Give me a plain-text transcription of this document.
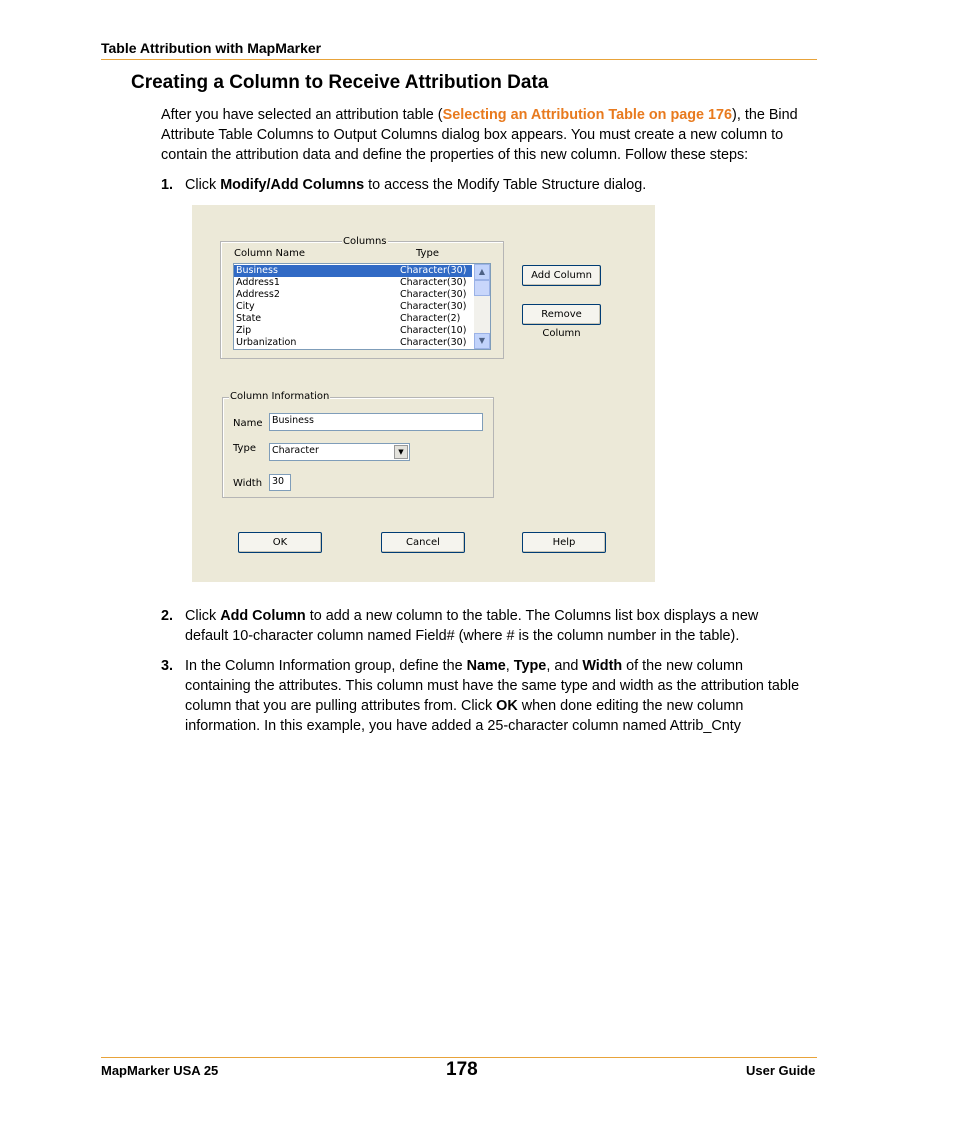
Table Attribution with MapMarker
Creating a Column to Receive Attribution Data
After you have selected an attribution table (Selecting an Attribution Table on page 176), the Bind
Attribute Table Columns to Output Columns dialog box appears. You must create a new column to
contain the attribution data and define the properties of this new column. Follow these steps:
1. Click Modify/Add Columns to access the Modify Table Structure dialog.
Columns
Column Name	Type
Business	Character(30)
Address1	Character(30)
Address2	Character(30)
City	Character(30)
State	Character(2)
Zip	Character(10)
Urbanization	Character(30)
▲
▼
Add Column
Remove Column
Column Information
Name Business
Type	Character	▼
Width	30
OK	Cancel	Help
2. Click Add Column to add a new column to the table. The Columns list box displays a new
default 10-character column named Field# (where # is the column number in the table).
3. In the Column Information group, define the Name, Type, and Width of the new column
containing the attributes. This column must have the same type and width as the attribution table
column that you are pulling attributes from. Click OK when done editing the new column
information. In this example, you have added a 25-character column named Attrib_Cnty
MapMarker USA 25	178	User Guide
